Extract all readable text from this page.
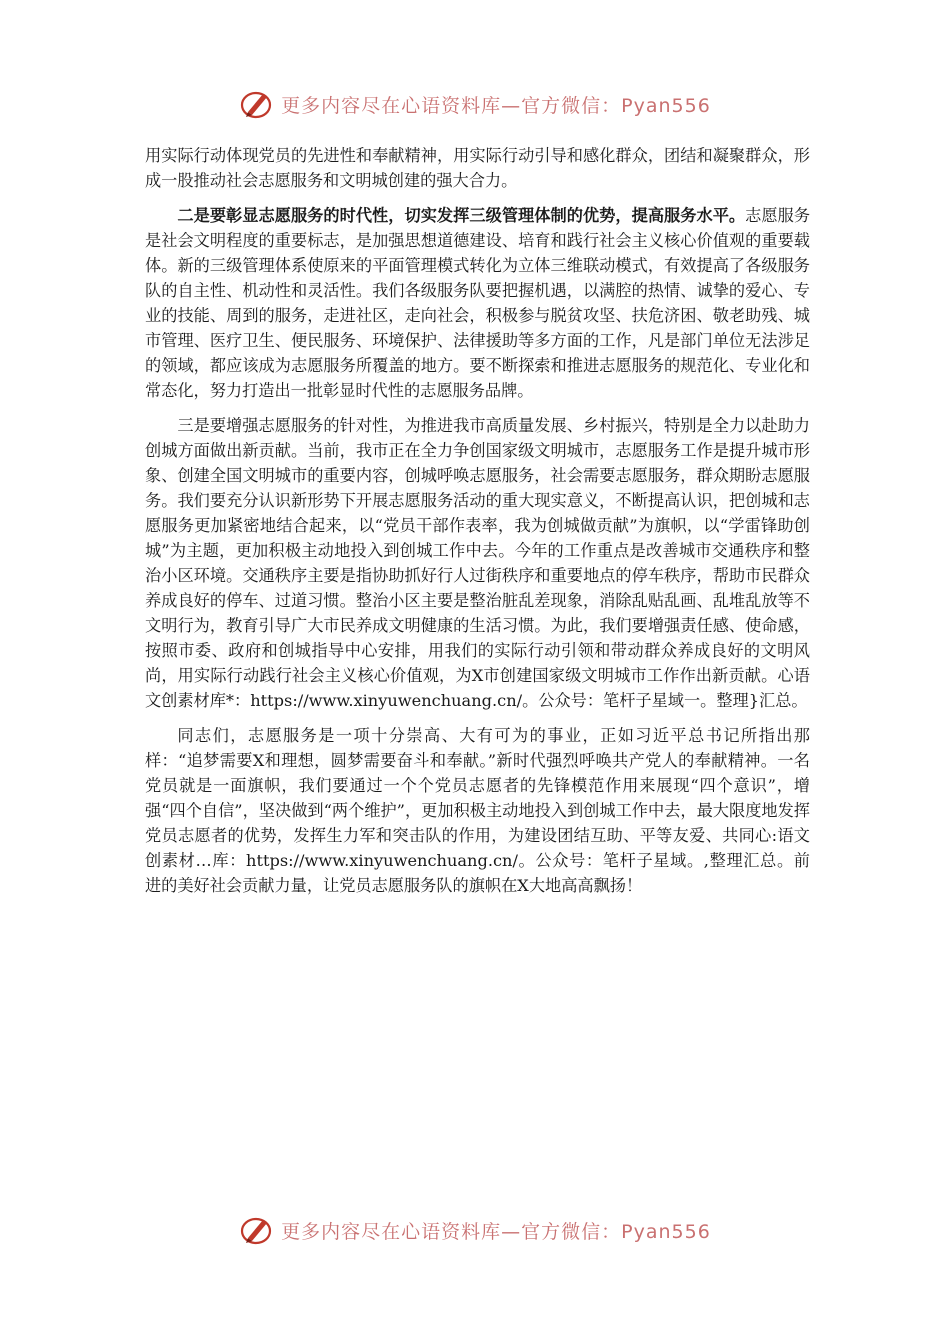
更多内容尽在心语资料库—官方微信：Pyan556

用实际行动体现党员的先进性和奉献精神，用实际行动引导和感化群众，团结和凝聚群众，形成一股推动社会志愿服务和文明城创建的强大合力。

二是要彰显志愿服务的时代性，切实发挥三级管理体制的优势，提高服务水平。志愿服务是社会文明程度的重要标志，是加强思想道德建设、培育和践行社会主义核心价值观的重要载体。新的三级管理体系使原来的平面管理模式转化为立体三维联动模式，有效提高了各级服务队的自主性、机动性和灵活性。我们各级服务队要把握机遇，以满腔的热情、诚挚的爱心、专业的技能、周到的服务，走进社区，走向社会，积极参与脱贫攻坚、扶危济困、敬老助残、城市管理、医疗卫生、便民服务、环境保护、法律援助等多方面的工作，凡是部门单位无法涉足的领域，都应该成为志愿服务所覆盖的地方。要不断探索和推进志愿服务的规范化、专业化和常态化，努力打造出一批彰显时代性的志愿服务品牌。

三是要增强志愿服务的针对性，为推进我市高质量发展、乡村振兴，特别是全力以赴助力创城方面做出新贡献。当前，我市正在全力争创国家级文明城市，志愿服务工作是提升城市形象、创建全国文明城市的重要内容，创城呼唤志愿服务，社会需要志愿服务，群众期盼志愿服务。我们要充分认识新形势下开展志愿服务活动的重大现实意义，不断提高认识，把创城和志愿服务更加紧密地结合起来，以“党员干部作表率，我为创城做贡献”为旗帜，以“学雷锋助创城”为主题，更加积极主动地投入到创城工作中去。今年的工作重点是改善城市交通秩序和整治小区环境。交通秩序主要是指协助抓好行人过街秩序和重要地点的停车秩序，帮助市民群众养成良好的停车、过道习惯。整治小区主要是整治脏乱差现象，消除乱贴乱画、乱堆乱放等不文明行为，教育引导广大市民养成文明健康的生活习惯。为此，我们要增强责任感、使命感，按照市委、政府和创城指导中心安排，用我们的实际行动引领和带动群众养成良好的文明风尚，用实际行动践行社会主义核心价值观，为X市创建国家级文明城市工作作出新贡献。心语文创素材库*：https://www.xinyuwenchuang.cn/。公众号：笔杆子星域一。整理}汇总。

同志们，志愿服务是一项十分崇高、大有可为的事业，正如习近平总书记所指出那样：“追梦需要X和理想，圆梦需要奋斗和奉献。”新时代强烈呼唤共产党人的奉献精神。一名党员就是一面旗帜，我们要通过一个个党员志愿者的先锋模范作用来展现“四个意识”，增强“四个自信”，坚决做到“两个维护”，更加积极主动地投入到创城工作中去，最大限度地发挥党员志愿者的优势，发挥生力军和突击队的作用，为建设团结互助、平等友爱、共同心:语文创素材…库：https://www.xinyuwenchuang.cn/。公众号：笔杆子星域。,整理汇总。前进的美好社会贡献力量，让党员志愿服务队的旗帜在X大地高高飘扬！

更多内容尽在心语资料库—官方微信：Pyan556
